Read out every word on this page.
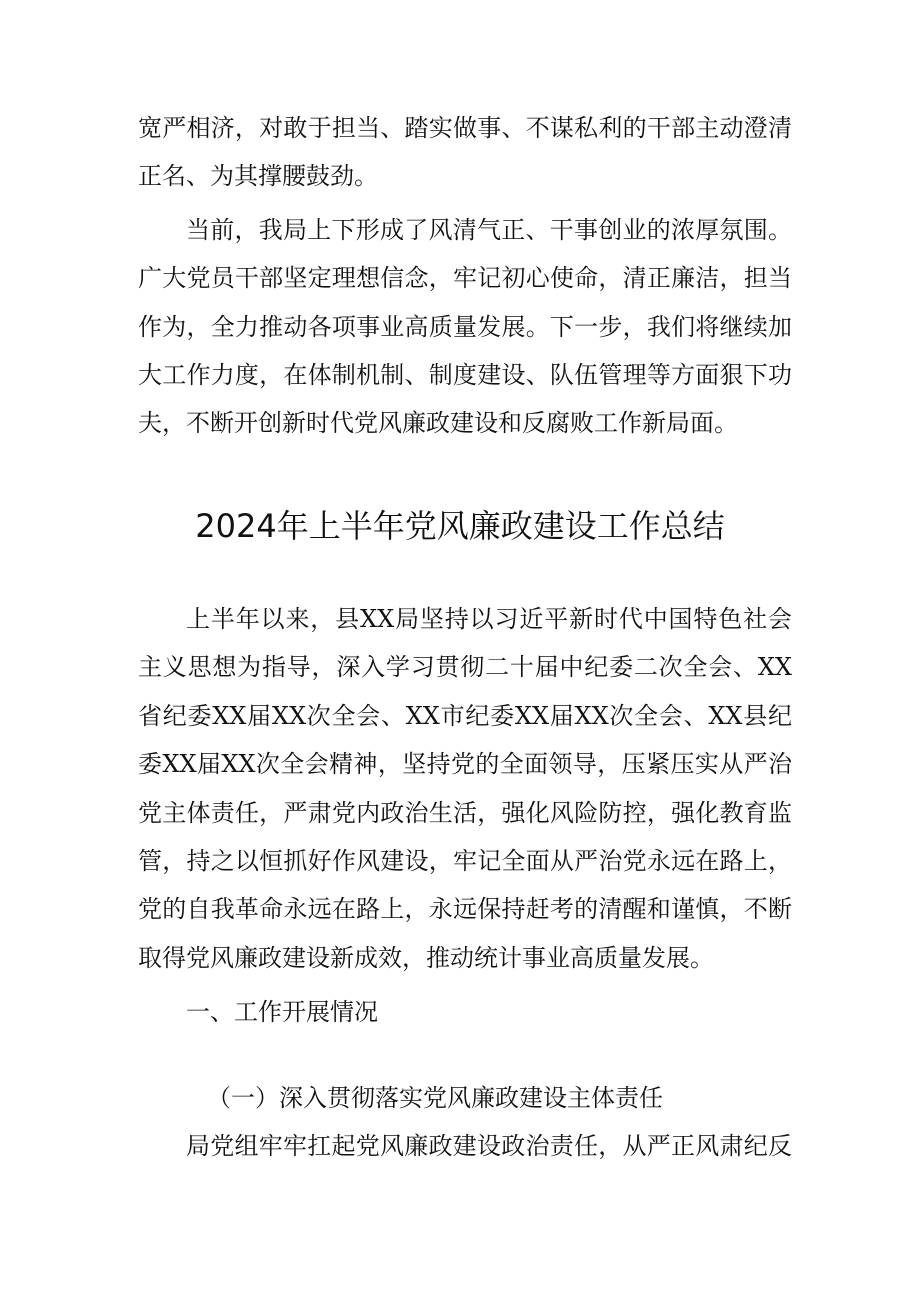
宽严相济，对敢于担当、踏实做事、不谋私利的干部主动澄清
正名、为其撑腰鼓劲。
当前，我局上下形成了风清气正、干事创业的浓厚氛围。
广大党员干部坚定理想信念，牢记初心使命，清正廉洁，担当
作为，全力推动各项事业高质量发展。下一步，我们将继续加
大工作力度，在体制机制、制度建设、队伍管理等方面狠下功
夫，不断开创新时代党风廉政建设和反腐败工作新局面。
2024年上半年党风廉政建设工作总结
上半年以来，县XX局坚持以习近平新时代中国特色社会
主义思想为指导，深入学习贯彻二十届中纪委二次全会、XX
省纪委XX届XX次全会、XX市纪委XX届XX次全会、XX县纪
委XX届XX次全会精神，坚持党的全面领导，压紧压实从严治
党主体责任，严肃党内政治生活，强化风险防控，强化教育监
管，持之以恒抓好作风建设，牢记全面从严治党永远在路上，
党的自我革命永远在路上，永远保持赶考的清醒和谨慎，不断
取得党风廉政建设新成效，推动统计事业高质量发展。
一、工作开展情况
（一）深入贯彻落实党风廉政建设主体责任
局党组牢牢扛起党风廉政建设政治责任，从严正风肃纪反
